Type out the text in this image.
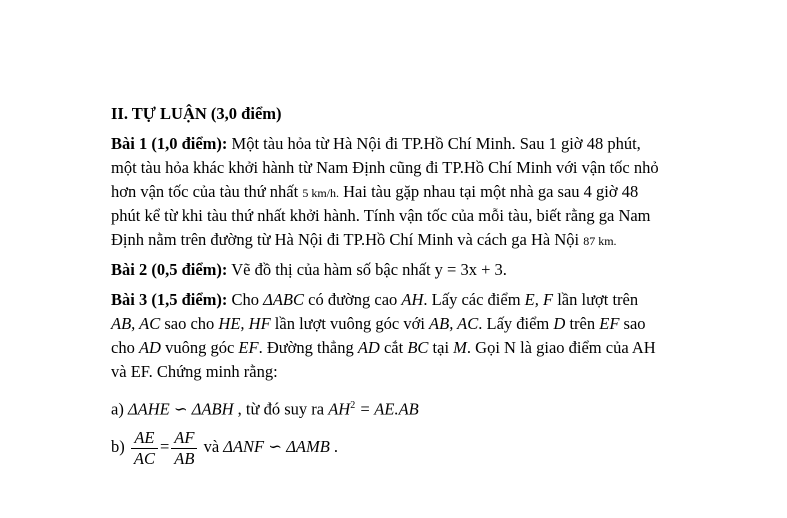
II. TỰ LUẬN (3,0 điểm)
Bài 1 (1,0 điểm): Một tàu hỏa từ Hà Nội đi TP.Hồ Chí Minh. Sau 1 giờ 48 phút,
một tàu hỏa khác khởi hành từ Nam Định cũng đi TP.Hồ Chí Minh với vận tốc nhỏ
hơn vận tốc của tàu thứ nhất 5 km/h. Hai tàu gặp nhau tại một nhà ga sau 4 giờ 48
phút kể từ khi tàu thứ nhất khởi hành. Tính vận tốc của mỗi tàu, biết rằng ga Nam
Định nằm trên đường từ Hà Nội đi TP.Hồ Chí Minh và cách ga Hà Nội 87 km.
Bài 2 (0,5 điểm): Vẽ đồ thị của hàm số bậc nhất y = 3x + 3.
Bài 3 (1,5 điểm): Cho ΔABC có đường cao AH. Lấy các điểm E, F lần lượt trên
AB, AC sao cho HE, HF lần lượt vuông góc với AB, AC. Lấy điểm D trên EF sao
cho AD vuông góc EF. Đường thẳng AD cắt BC tại M. Gọi N là giao điểm của AH
và EF. Chứng minh rằng:
a) ΔAHE ∽ ΔABH , từ đó suy ra $AH^2 = AE.AB$
$b) \frac{AE}{AC} = \frac{AF}{AB}$ và ΔANF ∽ ΔAMB .
